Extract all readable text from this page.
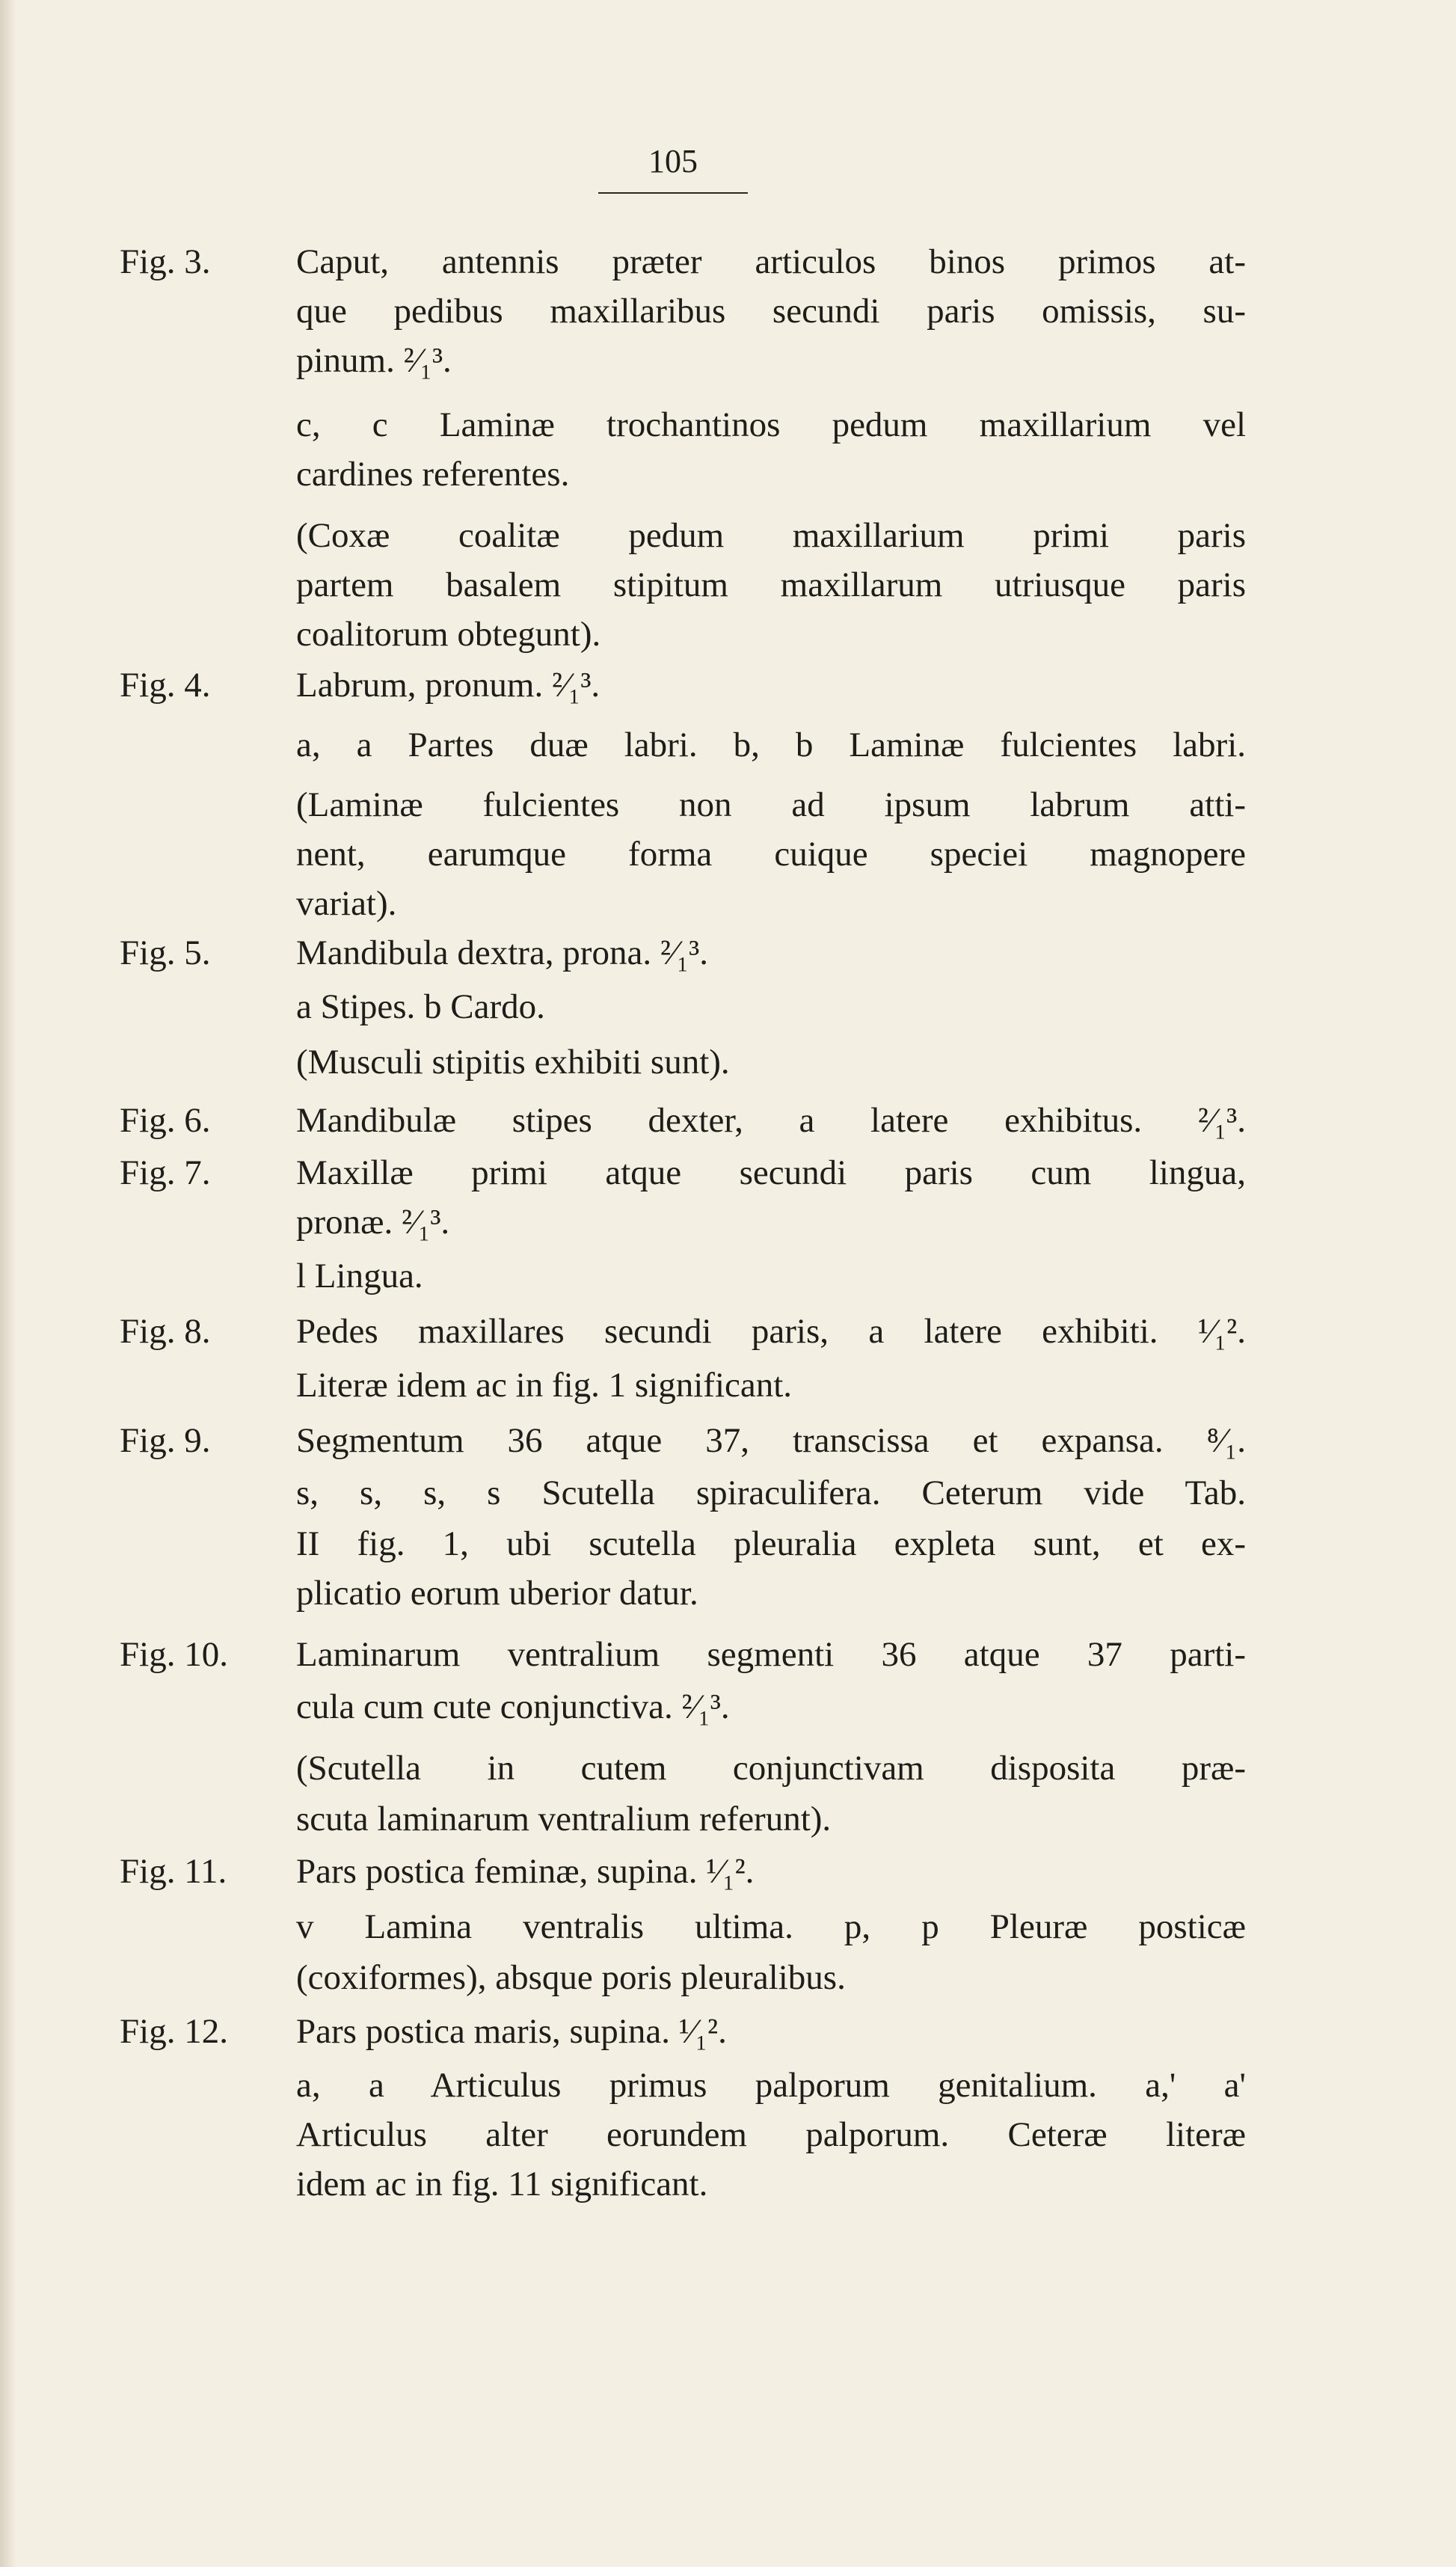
105
Fig. 3.	Caput, antennis præter articulos binos primos at-
que pedibus maxillaribus secundi paris omissis, su-
pinum. ²⁄₁³.
c, c Laminæ trochantinos pedum maxillarium vel
cardines referentes.
(Coxæ coalitæ pedum maxillarium primi paris
partem basalem stipitum maxillarum utriusque paris
coalitorum obtegunt).
Fig. 4.	Labrum, pronum. ²⁄₁³.
a, a Partes duæ labri. b, b Laminæ fulcientes labri.
(Laminæ fulcientes non ad ipsum labrum atti-
nent, earumque forma cuique speciei magnopere
variat).
Fig. 5.	Mandibula dextra, prona. ²⁄₁³.
a Stipes. b Cardo.
(Musculi stipitis exhibiti sunt).
Fig. 6.	Mandibulæ stipes dexter, a latere exhibitus. ²⁄₁³.
Fig. 7.	Maxillæ primi atque secundi paris cum lingua,
pronæ. ²⁄₁³.
l Lingua.
Fig. 8.	Pedes maxillares secundi paris, a latere exhibiti. ¹⁄₁².
Literæ idem ac in fig. 1 significant.
Fig. 9.	Segmentum 36 atque 37, transcissa et expansa. ⁸⁄₁.
s, s, s, s Scutella spiraculifera. Ceterum vide Tab.
II fig. 1, ubi scutella pleuralia expleta sunt, et ex-
plicatio eorum uberior datur.
Fig. 10.	Laminarum ventralium segmenti 36 atque 37 parti-
cula cum cute conjunctiva. ²⁄₁³.
(Scutella in cutem conjunctivam disposita præ-
scuta laminarum ventralium referunt).
Fig. 11.	Pars postica feminæ, supina. ¹⁄₁².
v Lamina ventralis ultima. p, p Pleuræ posticæ
(coxiformes), absque poris pleuralibus.
Fig. 12.	Pars postica maris, supina. ¹⁄₁².
a, a Articulus primus palporum genitalium. a,' a'
Articulus alter eorundem palporum. Ceteræ literæ
idem ac in fig. 11 significant.
